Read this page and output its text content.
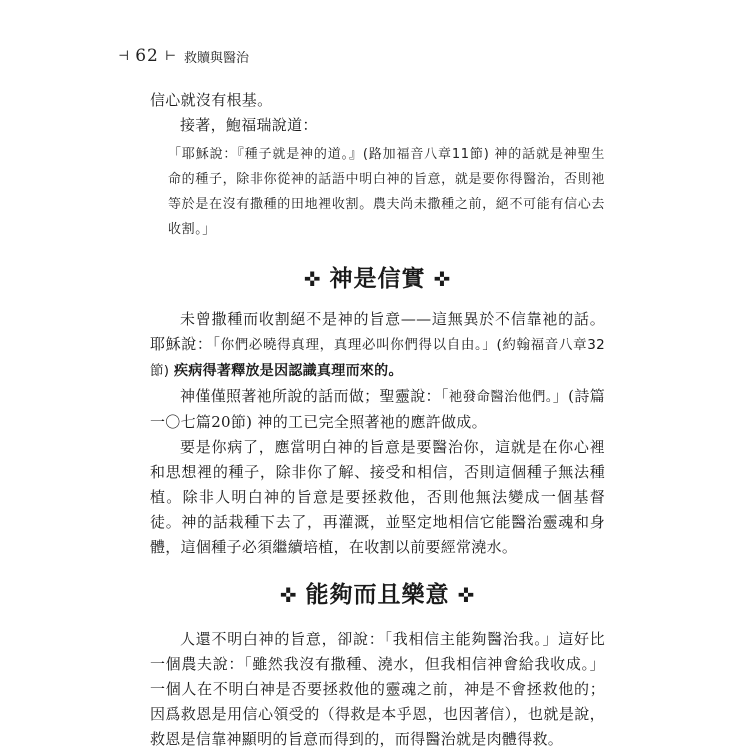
⊣ 62 ⊢ 救贖與醫治

信心就沒有根基。

接著，鮑福瑞說道：

「耶穌說：『種子就是神的道。』(路加福音八章11節) 神的話就是神聖生命的種子，除非你從神的話語中明白神的旨意，就是要你得醫治，否則祂等於是在沒有撒種的田地裡收割。農夫尚未撒種之前，絕不可能有信心去收割。」

✜ 神是信實 ✜

未曾撒種而收割絕不是神的旨意——這無異於不信靠祂的話。耶穌說：「你們必曉得真理，真理必叫你們得以自由。」(約翰福音八章32節) 疾病得著釋放是因認識真理而來的。

神僅僅照著祂所說的話而做；聖靈說：「祂發命醫治他們。」(詩篇一〇七篇20節) 神的工已完全照著祂的應許做成。

要是你病了，應當明白神的旨意是要醫治你，這就是在你心裡和思想裡的種子，除非你了解、接受和相信，否則這個種子無法種植。除非人明白神的旨意是要拯救他，否則他無法變成一個基督徒。神的話栽種下去了，再灌溉，並堅定地相信它能醫治靈魂和身體，這個種子必須繼續培植，在收割以前要經常澆水。

✜ 能夠而且樂意 ✜

人還不明白神的旨意，卻說：「我相信主能夠醫治我。」這好比一個農夫說：「雖然我沒有撒種、澆水，但我相信神會給我收成。」一個人在不明白神是否要拯救他的靈魂之前，神是不會拯救他的；因爲救恩是用信心領受的（得救是本乎恩，也因著信），也就是說，救恩是信靠神顯明的旨意而得到的，而得醫治就是肉體得救。
